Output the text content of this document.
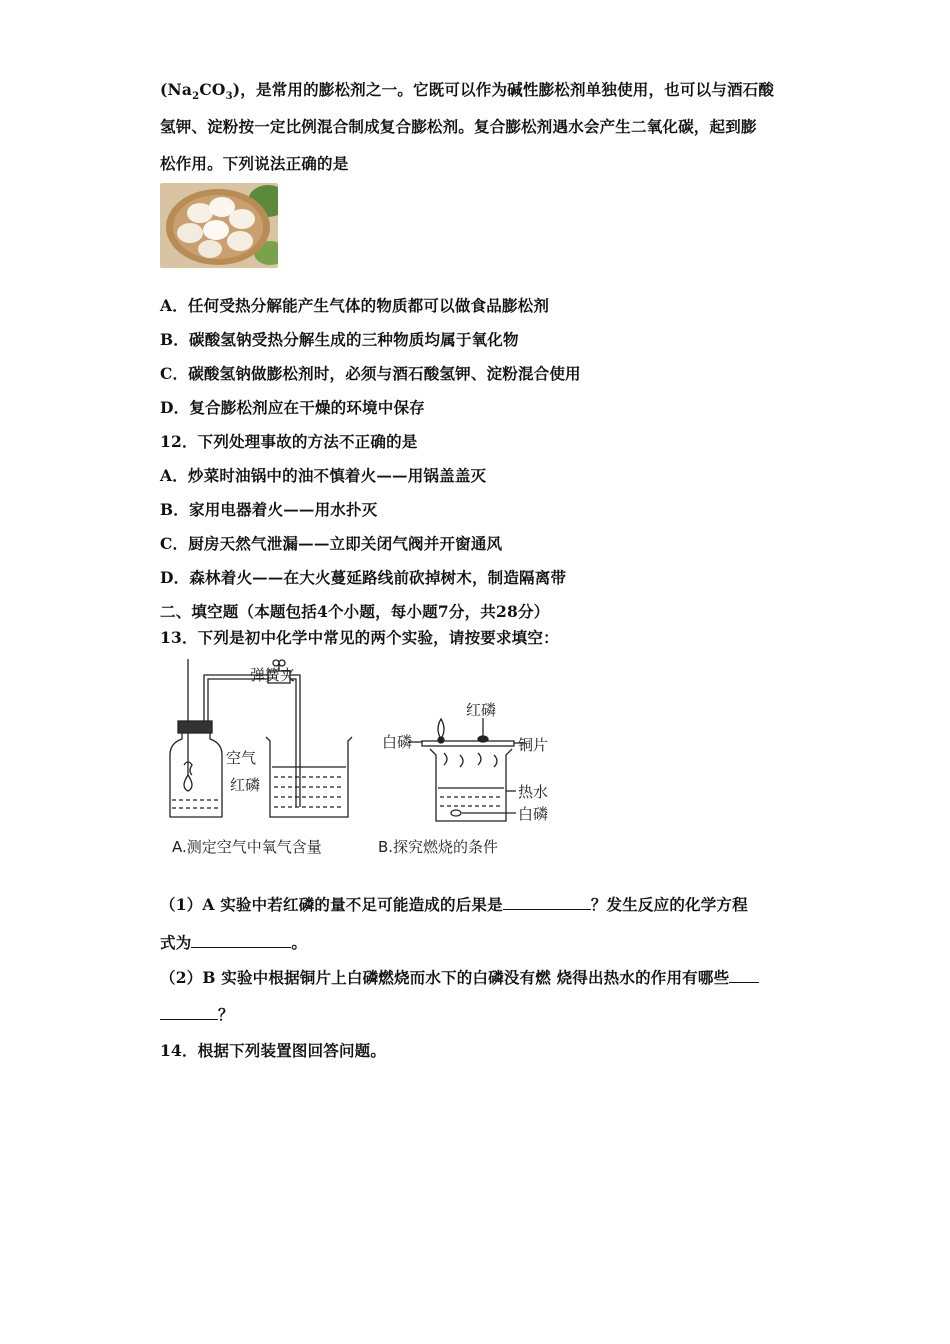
$(Na_2CO_3)$，是常用的膨松剂之一。它既可以作为碱性膨松剂单独使用，也可以与酒石酸
氢钾、淀粉按一定比例混合制成复合膨松剂。复合膨松剂遇水会产生二氧化碳，起到膨
松作用。下列说法正确的是
A．任何受热分解能产生气体的物质都可以做食品膨松剂
B．碳酸氢钠受热分解生成的三种物质均属于氧化物
C．碳酸氢钠做膨松剂时，必须与酒石酸氢钾、淀粉混合使用
D．复合膨松剂应在干燥的环境中保存
12．下列处理事故的方法不正确的是
A．炒菜时油锅中的油不慎着火——用锅盖盖灭
B．家用电器着火——用水扑灭
C．厨房天然气泄漏——立即关闭气阀并开窗通风
D．森林着火——在大火蔓延路线前砍掉树木，制造隔离带
二、填空题（本题包括4个小题，每小题7分，共28分）
13．下列是初中化学中常见的两个实验，请按要求填空：
弹簧夹
空气
红磷
A.测定空气中氧气含量
红磷
白磷	铜片
热水
白磷
B.探究燃烧的条件
（1）A 实验中若红磷的量不足可能造成的后果是	？发生反应的化学方程
式为	。
（2）B 实验中根据铜片上白磷燃烧而水下的白磷没有燃 烧得出热水的作用有哪些
？
14．根据下列装置图回答问题。
